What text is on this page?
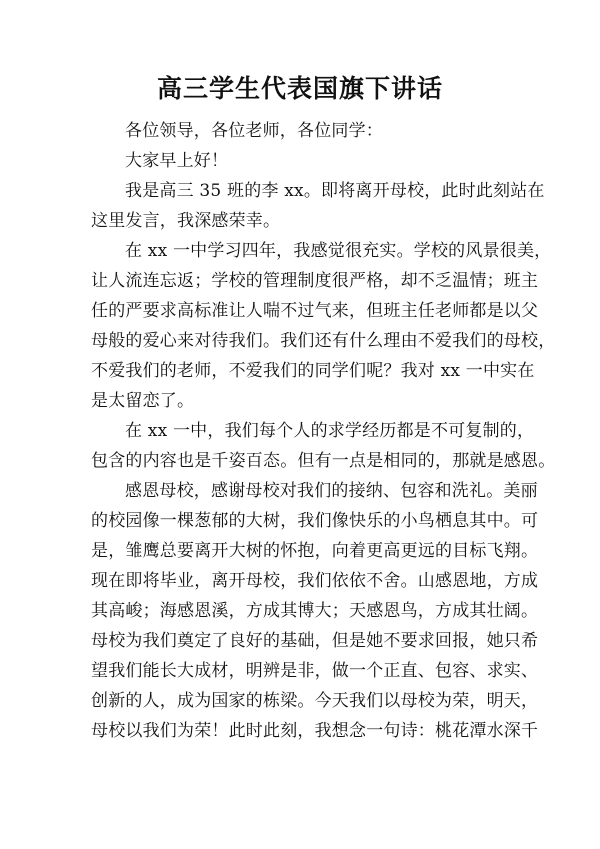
高三学生代表国旗下讲话
各位领导，各位老师，各位同学：
大家早上好！
我是高三 35 班的李 xx。即将离开母校，此时此刻站在
这里发言，我深感荣幸。
在 xx 一中学习四年，我感觉很充实。学校的风景很美，
让人流连忘返；学校的管理制度很严格，却不乏温情；班主
任的严要求高标准让人喘不过气来，但班主任老师都是以父
母般的爱心来对待我们。我们还有什么理由不爱我们的母校，
不爱我们的老师，不爱我们的同学们呢？我对 xx 一中实在
是太留恋了。
在 xx 一中，我们每个人的求学经历都是不可复制的，
包含的内容也是千姿百态。但有一点是相同的，那就是感恩。
感恩母校，感谢母校对我们的接纳、包容和洗礼。美丽
的校园像一棵葱郁的大树，我们像快乐的小鸟栖息其中。可
是，雏鹰总要离开大树的怀抱，向着更高更远的目标飞翔。
现在即将毕业，离开母校，我们依依不舍。山感恩地，方成
其高峻；海感恩溪，方成其博大；天感恩鸟，方成其壮阔。
母校为我们奠定了良好的基础，但是她不要求回报，她只希
望我们能长大成材，明辨是非，做一个正直、包容、求实、
创新的人，成为国家的栋梁。今天我们以母校为荣，明天，
母校以我们为荣！此时此刻，我想念一句诗：桃花潭水深千
